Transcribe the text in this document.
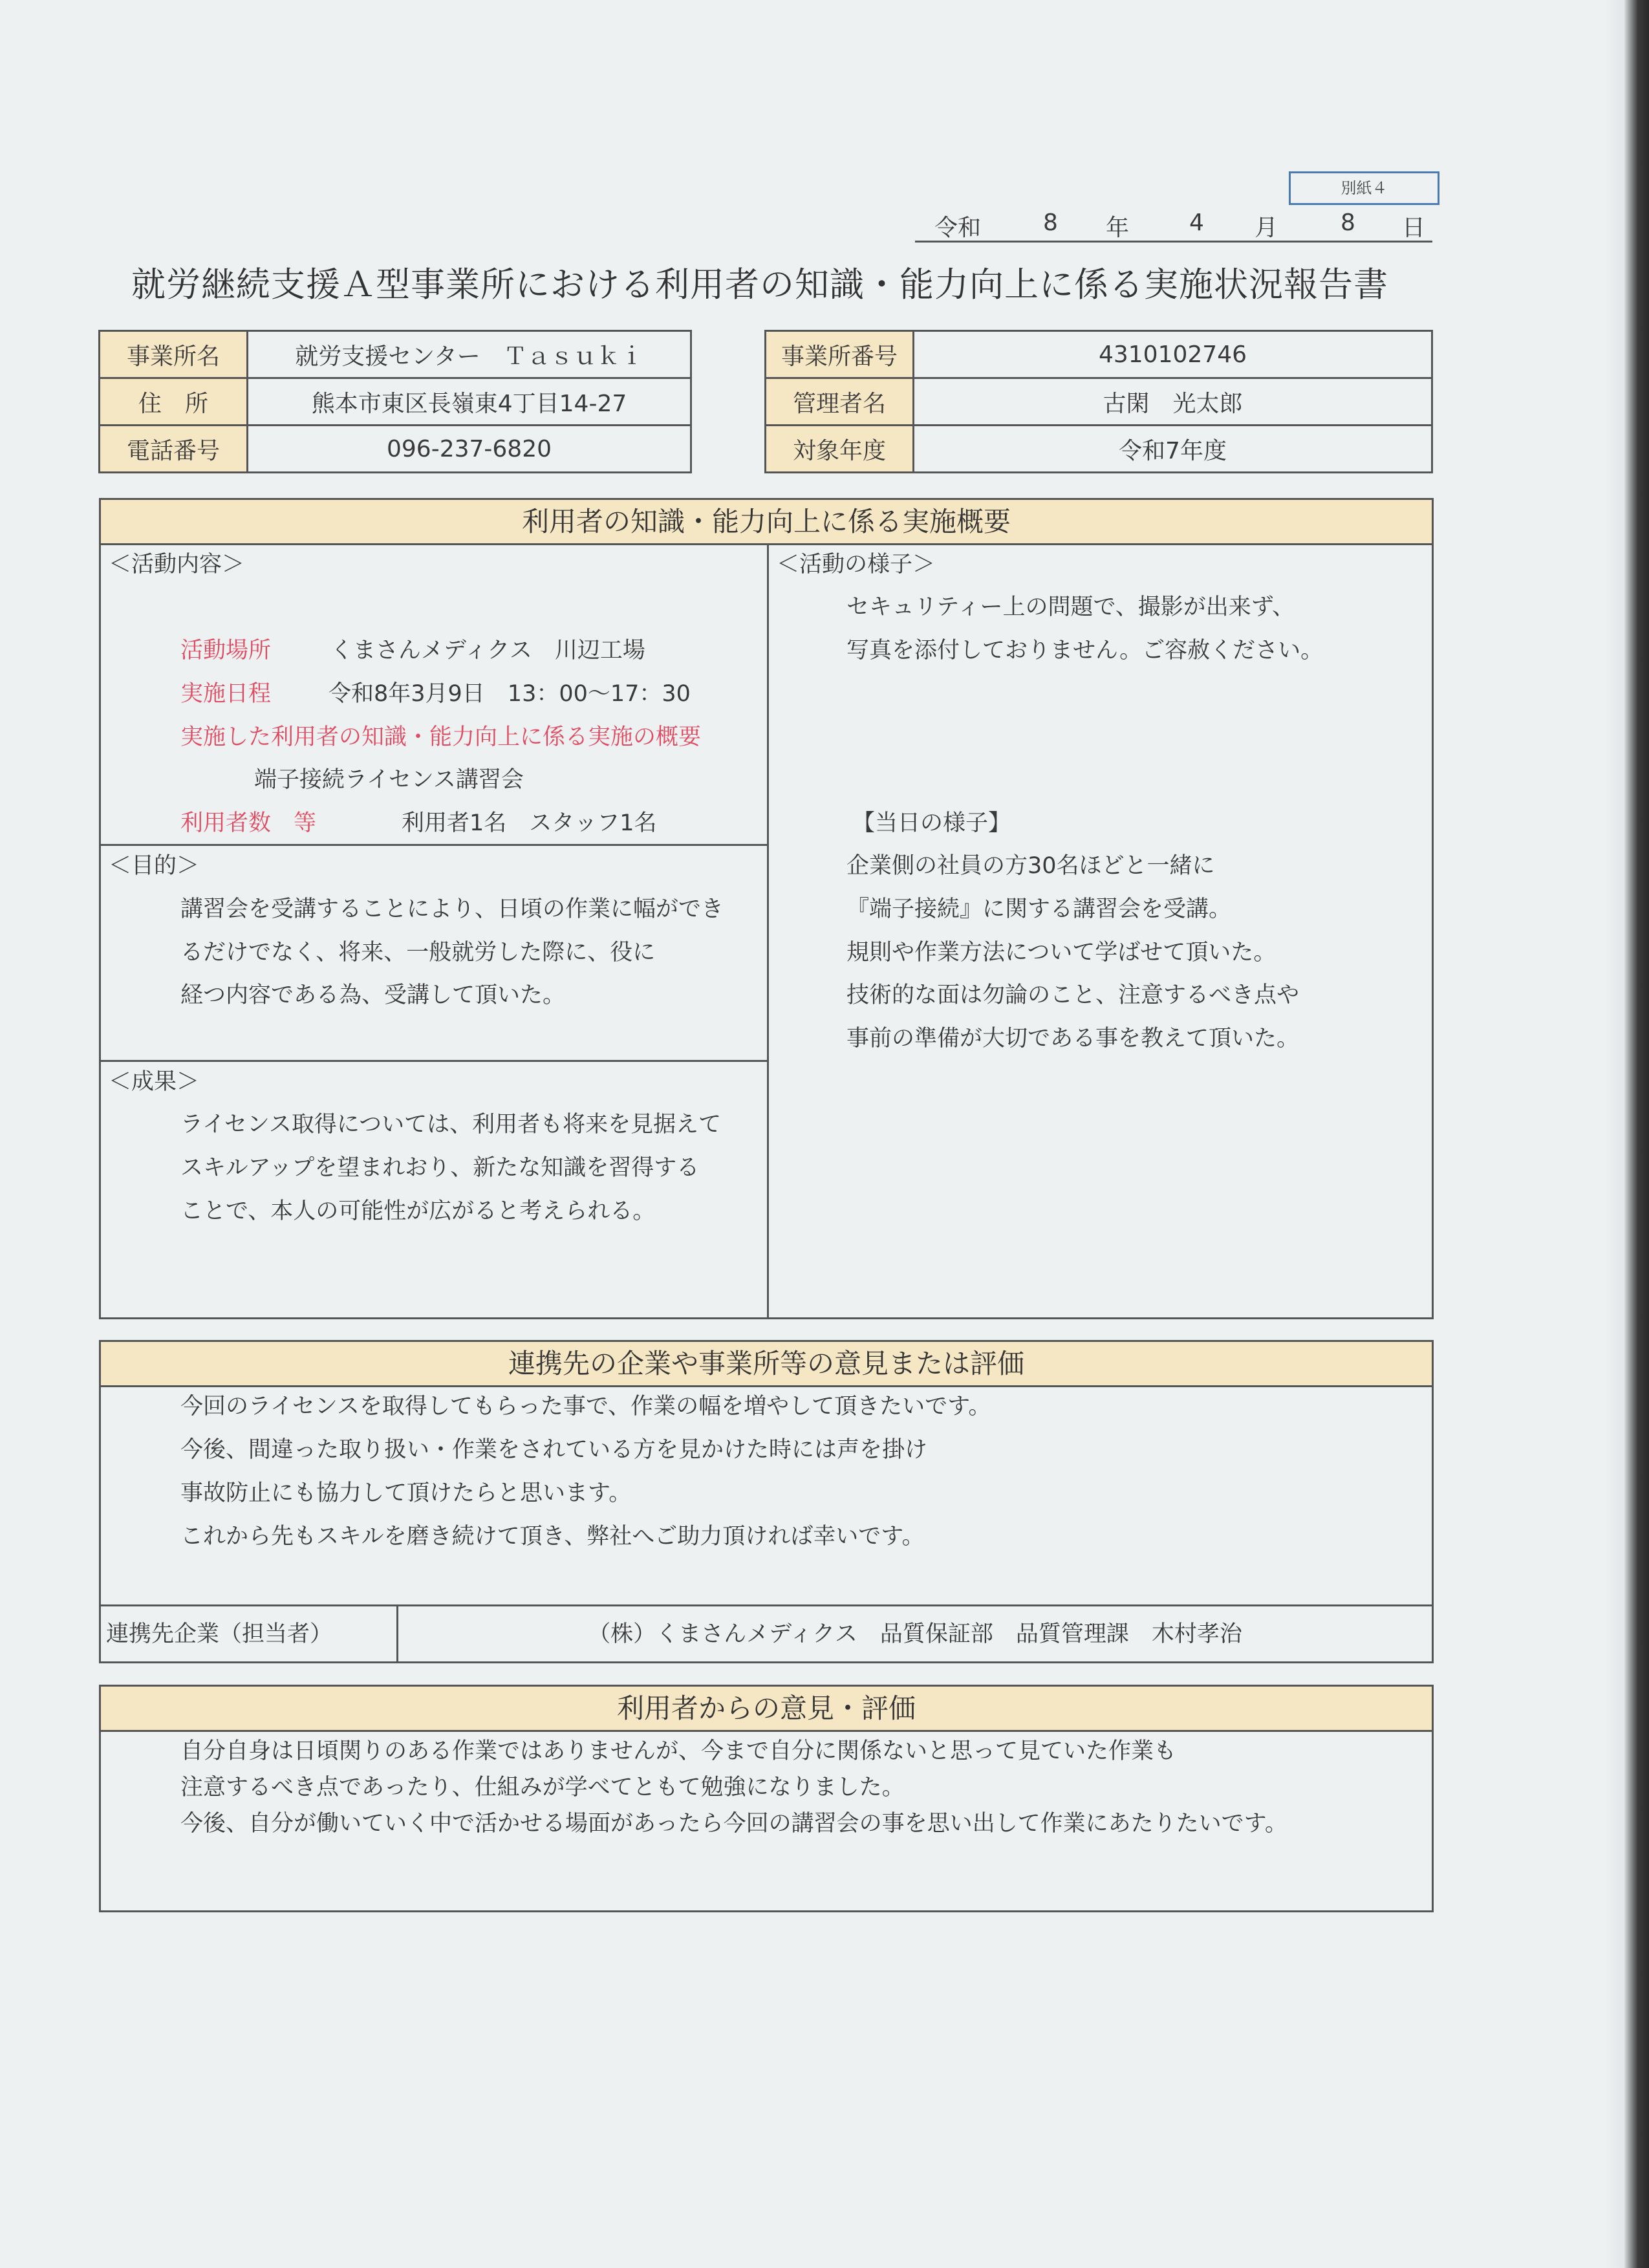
別紙４
令和	8 年	4 月	8 日
就労継続支援Ａ型事業所における利用者の知識・能力向上に係る実施状況報告書
事業所名	就労支援センター　Ｔａｓｕｋｉ
住　所	熊本市東区長嶺東4丁目14-27
電話番号	096-237-6820
事業所番号	4310102746
管理者名	古閑　光太郎
対象年度	令和7年度
利用者の知識・能力向上に係る実施概要
＜活動内容＞
活動場所	くまさんメディクス　川辺工場
実施日程	令和8年3月9日　13：00～17：30
実施した利用者の知識・能力向上に係る実施の概要
端子接続ライセンス講習会
利用者数　等	利用者1名　スタッフ1名
＜目的＞
講習会を受講することにより、日頃の作業に幅ができ
るだけでなく、将来、一般就労した際に、役に
経つ内容である為、受講して頂いた。
＜成果＞
ライセンス取得については、利用者も将来を見据えて
スキルアップを望まれおり、新たな知識を習得する
ことで、本人の可能性が広がると考えられる。
＜活動の様子＞
セキュリティー上の問題で、撮影が出来ず、
写真を添付しておりません。ご容赦ください。
【当日の様子】
企業側の社員の方30名ほどと一緒に
『端子接続』に関する講習会を受講。
規則や作業方法について学ばせて頂いた。
技術的な面は勿論のこと、注意するべき点や
事前の準備が大切である事を教えて頂いた。
連携先の企業や事業所等の意見または評価
今回のライセンスを取得してもらった事で、作業の幅を増やして頂きたいです。
今後、間違った取り扱い・作業をされている方を見かけた時には声を掛け
事故防止にも協力して頂けたらと思います。
これから先もスキルを磨き続けて頂き、弊社へご助力頂ければ幸いです。
連携先企業（担当者）	（株）くまさんメディクス　品質保証部　品質管理課　木村孝治
利用者からの意見・評価
自分自身は日頃関りのある作業ではありませんが、今まで自分に関係ないと思って見ていた作業も
注意するべき点であったり、仕組みが学べてともて勉強になりました。
今後、自分が働いていく中で活かせる場面があったら今回の講習会の事を思い出して作業にあたりたいです。
